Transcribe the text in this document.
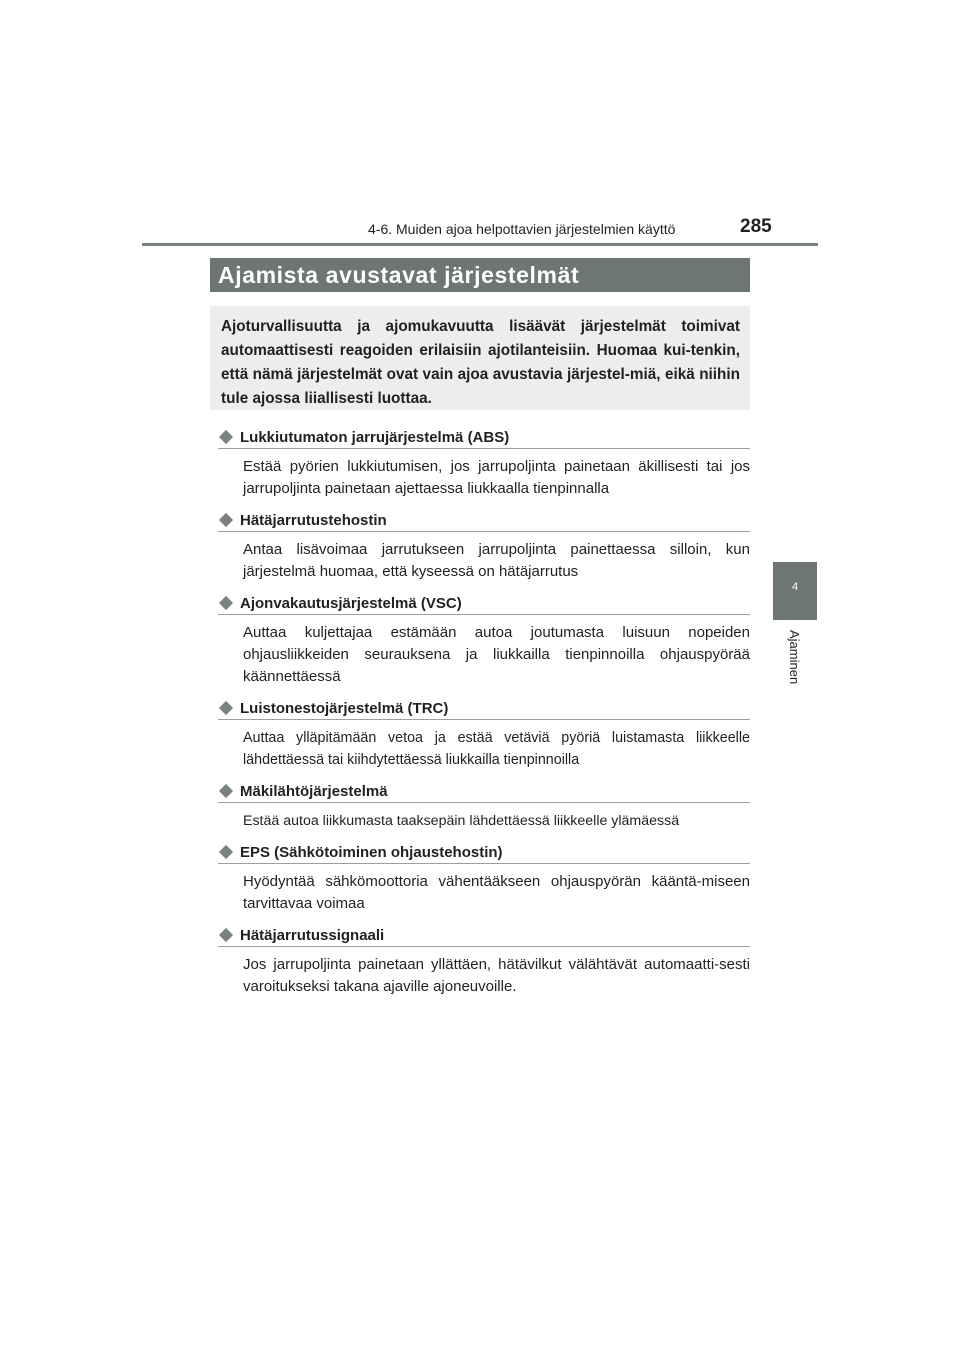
4-6. Muiden ajoa helpottavien järjestelmien käyttö	285
4
Ajaminen
Ajamista avustavat järjestelmät
Ajoturvallisuutta ja ajomukavuutta lisäävät järjestelmät toimivat automaattisesti reagoiden erilaisiin ajotilanteisiin. Huomaa kui-tenkin, että nämä järjestelmät ovat vain ajoa avustavia järjestel-miä, eikä niihin tule ajossa liiallisesti luottaa.
Lukkiutumaton jarrujärjestelmä (ABS)
Estää pyörien lukkiutumisen, jos jarrupoljinta painetaan äkillisesti tai jos jarrupoljinta painetaan ajettaessa liukkaalla tienpinnalla
Hätäjarrutustehostin
Antaa lisävoimaa jarrutukseen jarrupoljinta painettaessa silloin, kun järjestelmä huomaa, että kyseessä on hätäjarrutus
Ajonvakautusjärjestelmä (VSC)
Auttaa kuljettajaa estämään autoa joutumasta luisuun nopeiden ohjausliikkeiden seurauksena ja liukkailla tienpinnoilla ohjauspyörää käännettäessä
Luistonestojärjestelmä (TRC)
Auttaa ylläpitämään vetoa ja estää vetäviä pyöriä luistamasta liikkeelle lähdettäessä tai kiihdytettäessä liukkailla tienpinnoilla
Mäkilähtöjärjestelmä
Estää autoa liikkumasta taaksepäin lähdettäessä liikkeelle ylämäessä
EPS (Sähkötoiminen ohjaustehostin)
Hyödyntää sähkömoottoria vähentääkseen ohjauspyörän kääntä-miseen tarvittavaa voimaa
Hätäjarrutussignaali
Jos jarrupoljinta painetaan yllättäen, hätävilkut välähtävät automaatti-sesti varoitukseksi takana ajaville ajoneuvoille.
